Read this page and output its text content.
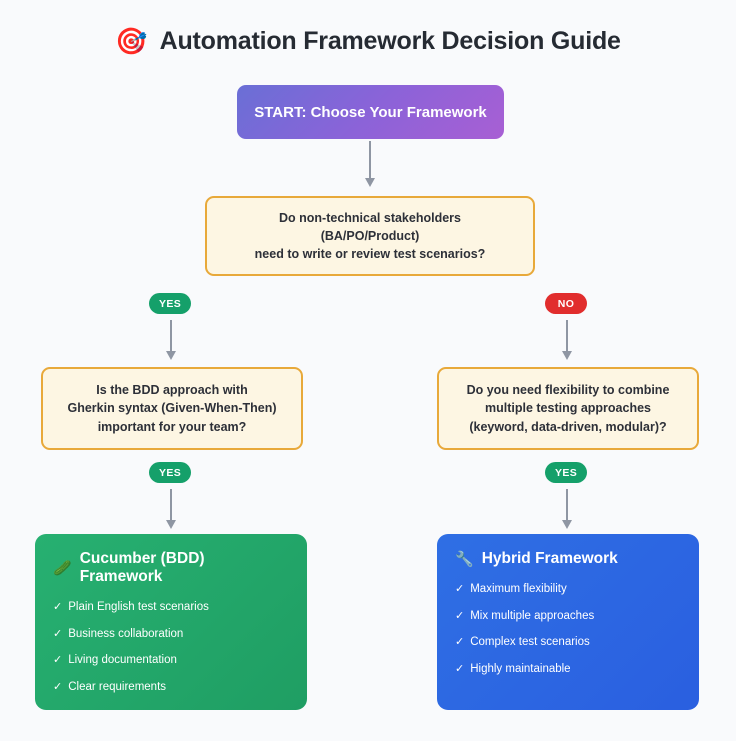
🎯 Automation Framework Decision Guide
START: Choose Your Framework
Do non-technical stakeholders
(BA/PO/Product)
need to write or review test scenarios?
YES	NO
Is the BDD approach with
Gherkin syntax (Given-When-Then)
important for your team?
Do you need flexibility to combine
multiple testing approaches
(keyword, data-driven, modular)?
YES	YES
🥒
Cucumber (BDD) Framework
✓ Plain English test scenarios
✓ Business collaboration
✓ Living documentation
✓ Clear requirements
🔧 Hybrid Framework
✓ Maximum flexibility
✓ Mix multiple approaches
✓ Complex test scenarios
✓ Highly maintainable
